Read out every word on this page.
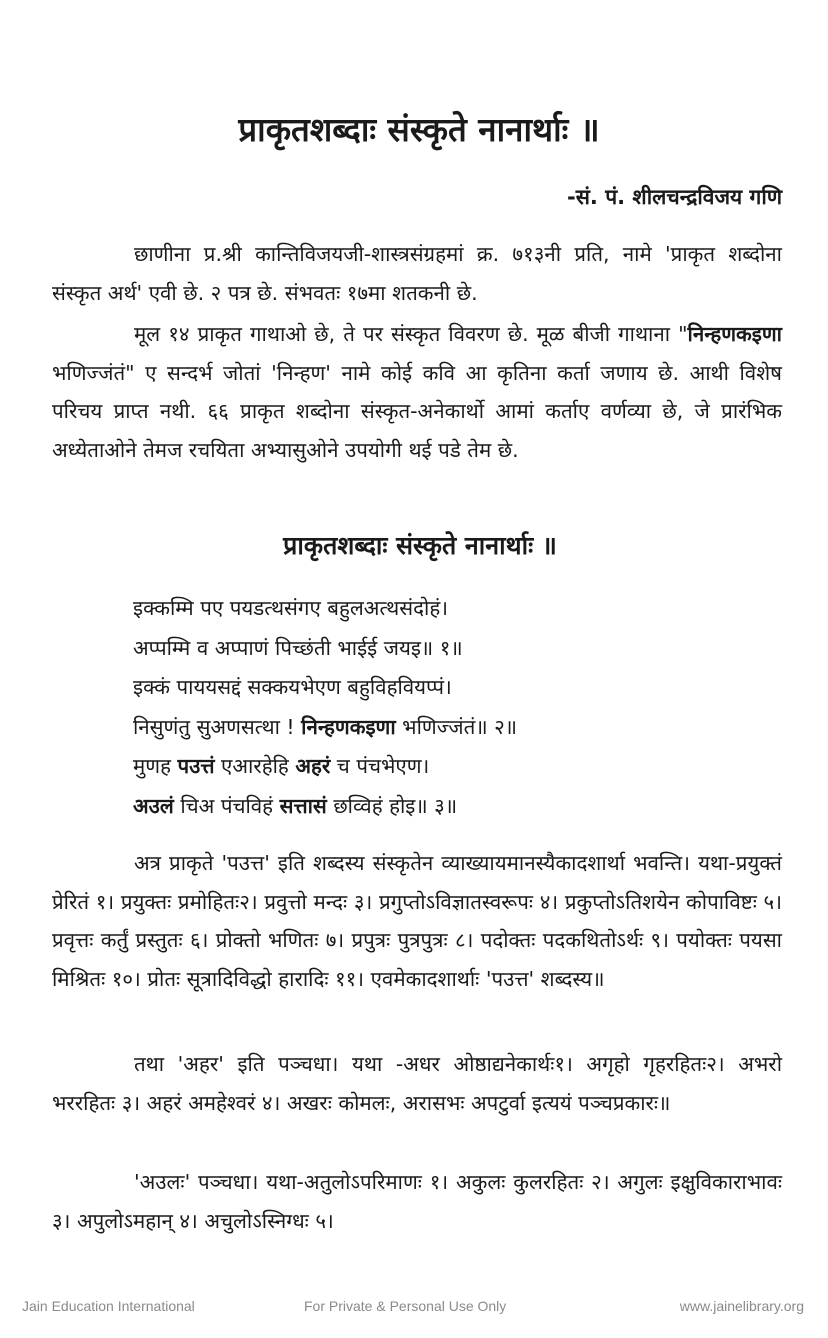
प्राकृतशब्दाः संस्कृते नानार्थाः ॥
-सं. पं. शीलचन्द्रविजय गणि
छाणीना प्र.श्री कान्तिविजयजी-शास्त्रसंग्रहमां क्र. ७१३नी प्रति, नामे 'प्राकृत शब्दोना संस्कृत अर्थ' एवी छे. २ पत्र छे. संभवतः १७मा शतकनी छे.
मूल १४ प्राकृत गाथाओ छे, ते पर संस्कृत विवरण छे. मूळ बीजी गाथाना "निन्हणकइणा भणिज्जंतं" ए सन्दर्भ जोतां 'निन्हण' नामे कोई कवि आ कृतिना कर्ता जणाय छे. आथी विशेष परिचय प्राप्त नथी. ६६ प्राकृत शब्दोना संस्कृत-अनेकार्थो आमां कर्ताए वर्णव्या छे, जे प्रारंभिक अध्येताओने तेमज रचयिता अभ्यासुओने उपयोगी थई पडे तेम छे.
प्राकृतशब्दाः संस्कृते नानार्थाः ॥
इक्कम्मि पए पयडत्थसंगए बहुलअत्थसंदोहं।
अप्पम्मि व अप्पाणं पिच्छंती भाईई जयइ॥ १॥
इक्कं पाययसद्दं सक्कयभेएण बहुविहवियप्पं।
निसुणंतु सुअणसत्था ! निन्हणकइणा भणिज्जंतं॥ २॥
मुणह पउत्तं एआरहेहि अहरं च पंचभेएण।
अउलं चिअ पंचविहं सत्तासं छव्विहं होइ॥ ३॥
अत्र प्राकृते 'पउत्त' इति शब्दस्य संस्कृतेन व्याख्यायमानस्यैकादशार्था भवन्ति। यथा-प्रयुक्तं प्रेरितं १। प्रयुक्तः प्रमोहितः२। प्रवुत्तो मन्दः ३। प्रगुप्तोऽविज्ञातस्वरूपः ४। प्रकुप्तोऽतिशयेन कोपाविष्टः ५। प्रवृत्तः कर्तुं प्रस्तुतः ६। प्रोक्तो भणितः ७। प्रपुत्रः पुत्रपुत्रः ८। पदोक्तः पदकथितोऽर्थः ९। पयोक्तः पयसा मिश्रितः १०। प्रोतः सूत्रादिविद्धो हारादिः ११। एवमेकादशार्थाः 'पउत्त' शब्दस्य॥
तथा 'अहर' इति पञ्चधा। यथा -अधर ओष्ठाद्यनेकार्थः१। अगृहो गृहरहितः२। अभरो भररहितः ३। अहरं अमहेश्वरं ४। अखरः कोमलः, अरासभः अपटुर्वा इत्ययं पञ्चप्रकारः॥
'अउलः' पञ्चधा। यथा-अतुलोऽपरिमाणः १। अकुलः कुलरहितः २। अगुलः इक्षुविकाराभावः ३। अपुलोऽमहान् ४। अचुलोऽस्निग्धः ५।
Jain Education International	For Private & Personal Use Only	www.jainelibrary.org
